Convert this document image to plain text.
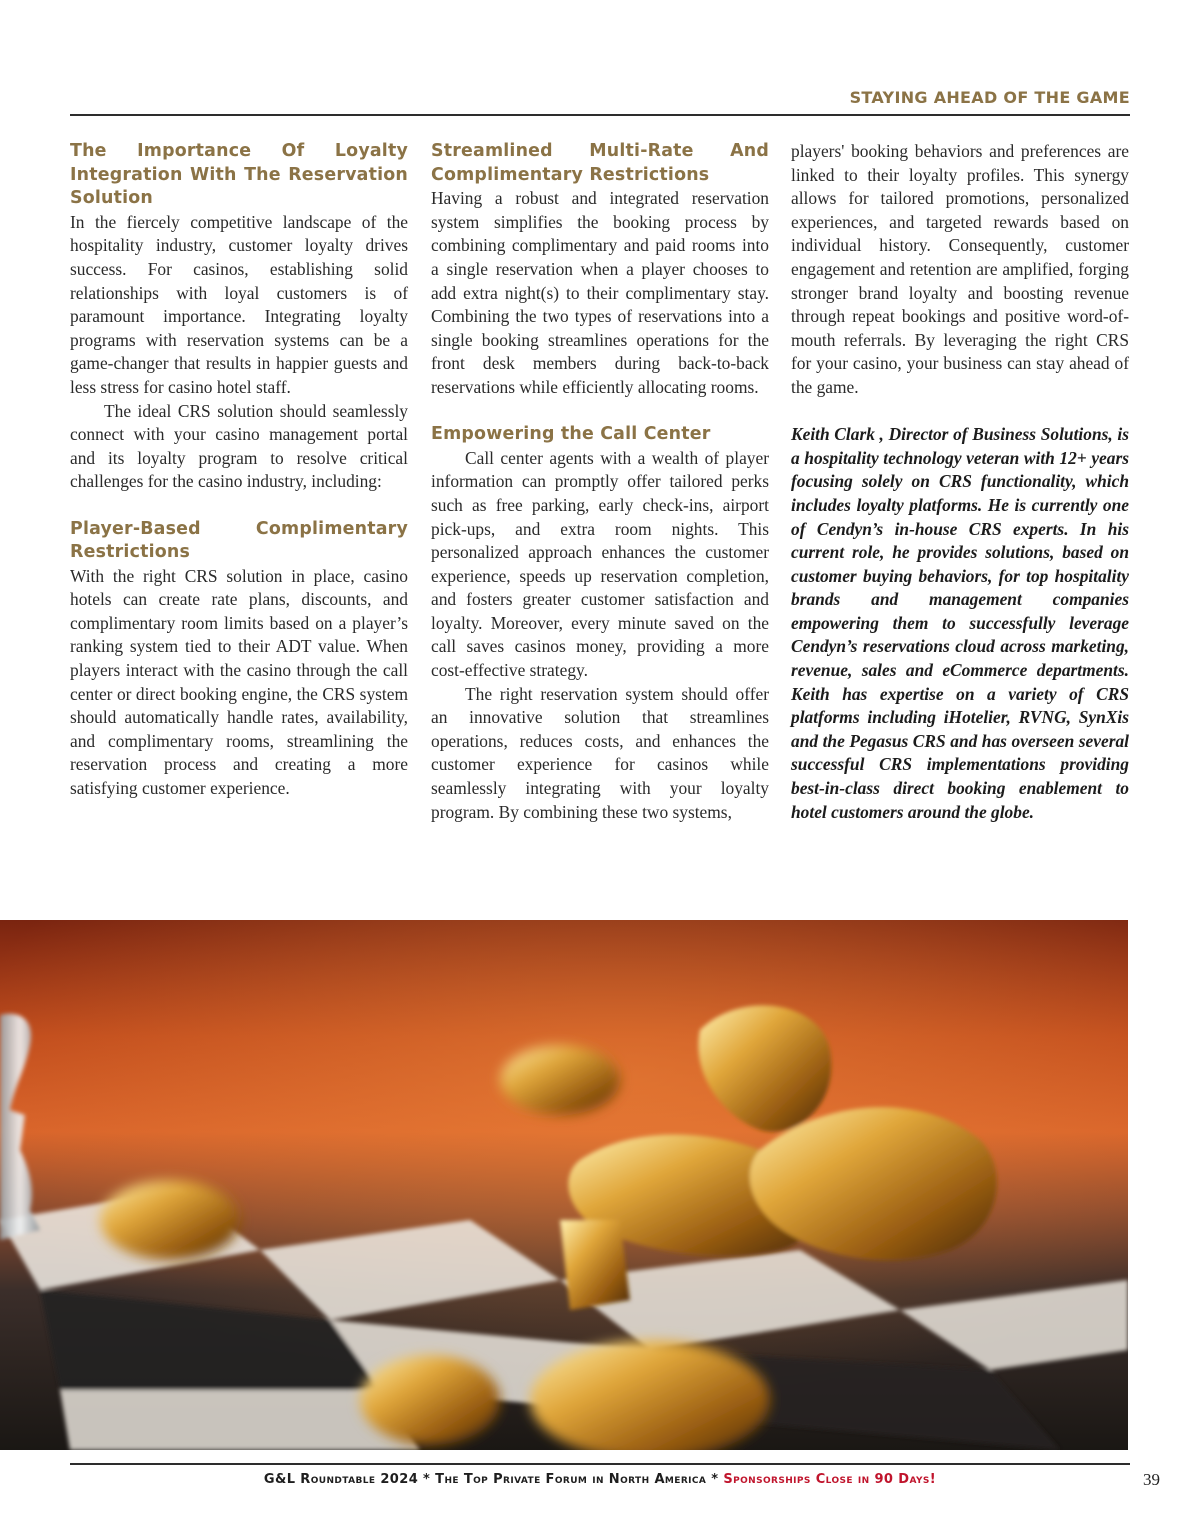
STAYING AHEAD OF THE GAME
The Importance Of Loyalty Integration With The Reservation Solution

In the fiercely competitive landscape of the hospitality industry, customer loyalty drives success. For casinos, establishing solid relationships with loyal customers is of paramount importance. Integrating loyalty programs with reservation systems can be a game-changer that results in happier guests and less stress for casino hotel staff.

The ideal CRS solution should seamlessly connect with your casino management portal and its loyalty program to resolve critical challenges for the casino industry, including:

Player-Based Complimentary Restrictions

With the right CRS solution in place, casino hotels can create rate plans, discounts, and complimentary room limits based on a player’s ranking system tied to their ADT value. When players interact with the casino through the call center or direct booking engine, the CRS system should automatically handle rates, availability, and complimentary rooms, streamlining the reservation process and creating a more satisfying customer experience.

Streamlined Multi-Rate And Complimentary Restrictions

Having a robust and integrated reservation system simplifies the booking process by combining complimentary and paid rooms into a single reservation when a player chooses to add extra night(s) to their complimentary stay. Combining the two types of reservations into a single booking streamlines operations for the front desk members during back-to-back reservations while efficiently allocating rooms.

Empowering the Call Center

Call center agents with a wealth of player information can promptly offer tailored perks such as free parking, early check-ins, airport pick-ups, and extra room nights. This personalized approach enhances the customer experience, speeds up reservation completion, and fosters greater customer satisfaction and loyalty. Moreover, every minute saved on the call saves casinos money, providing a more cost-effective strategy.

The right reservation system should offer an innovative solution that streamlines operations, reduces costs, and enhances the customer experience for casinos while seamlessly integrating with your loyalty program. By combining these two systems,

players' booking behaviors and preferences are linked to their loyalty profiles. This synergy allows for tailored promotions, personalized experiences, and targeted rewards based on individual history. Consequently, customer engagement and retention are amplified, forging stronger brand loyalty and boosting revenue through repeat bookings and positive word-of-mouth referrals. By leveraging the right CRS for your casino, your business can stay ahead of the game.

Keith Clark , Director of Business Solutions, is a hospitality technology veteran with 12+ years focusing solely on CRS functionality, which includes loyalty platforms. He is currently one of Cendyn’s in-house CRS experts. In his current role, he provides solutions, based on customer buying behaviors, for top hospitality brands and management companies empowering them to successfully leverage Cendyn’s reservations cloud across marketing, revenue, sales and eCommerce departments. Keith has expertise on a variety of CRS platforms including iHotelier, RVNG, SynXis and the Pegasus CRS and has overseen several successful CRS implementations providing best-in-class direct booking enablement to hotel customers around the globe.

G&L Roundtable 2024 * The Top Private Forum in North America * Sponsorships Close in 90 Days!	39
